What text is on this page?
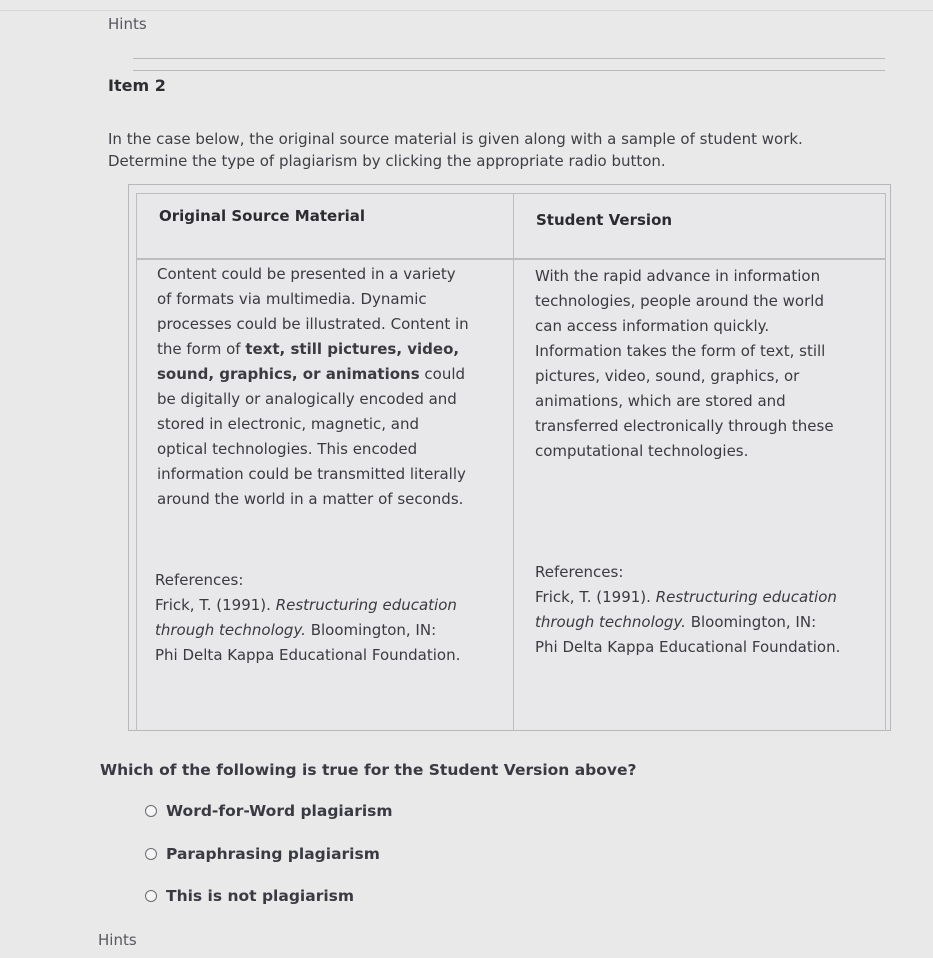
Hints
Item 2
In the case below, the original source material is given along with a sample of student work.
Determine the type of plagiarism by clicking the appropriate radio button.
Original Source Material	Student Version
Content could be presented in a variety
of formats via multimedia. Dynamic
processes could be illustrated. Content in
the form of text, still pictures, video,
sound, graphics, or animations could
be digitally or analogically encoded and
stored in electronic, magnetic, and
optical technologies. This encoded
information could be transmitted literally
around the world in a matter of seconds.
References:
Frick, T. (1991). Restructuring education
through technology. Bloomington, IN:
Phi Delta Kappa Educational Foundation.
With the rapid advance in information
technologies, people around the world
can access information quickly.
Information takes the form of text, still
pictures, video, sound, graphics, or
animations, which are stored and
transferred electronically through these
computational technologies.
References:
Frick, T. (1991). Restructuring education
through technology. Bloomington, IN:
Phi Delta Kappa Educational Foundation.
Which of the following is true for the Student Version above?
Word-for-Word plagiarism
Paraphrasing plagiarism
This is not plagiarism
Hints
